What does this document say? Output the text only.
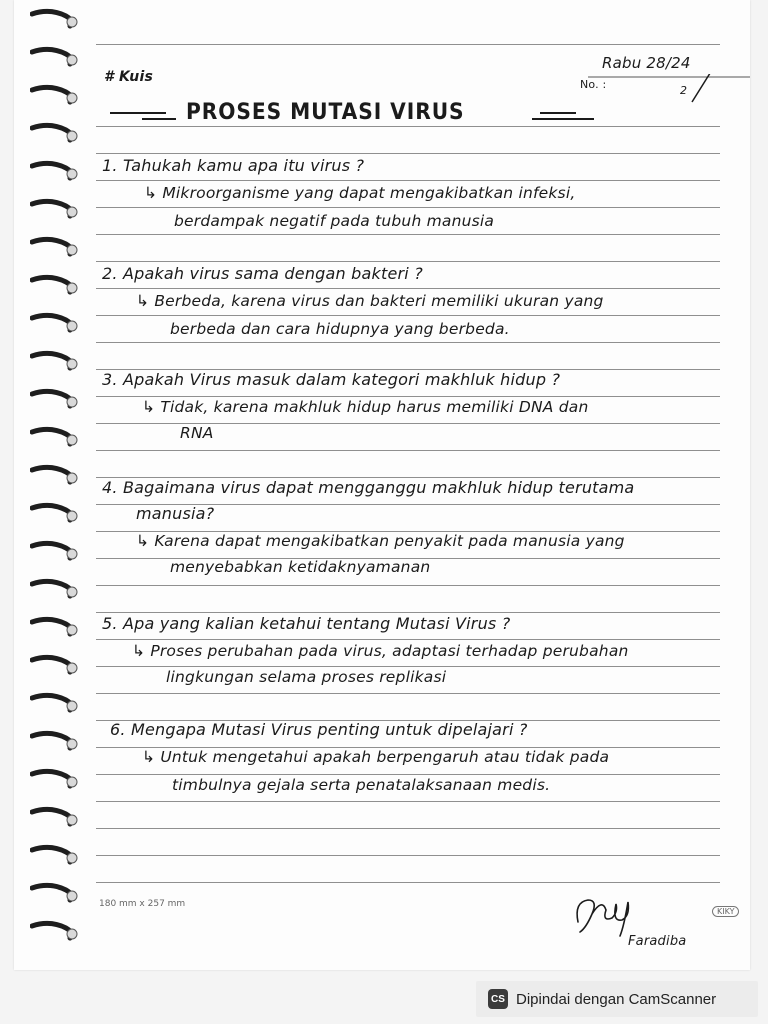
# Kuis
Rabu 28/24
No. :	2
PROSES MUTASI VIRUS
1. Tahukah kamu apa itu virus ?
↳ Mikroorganisme yang dapat mengakibatkan infeksi,
berdampak negatif pada tubuh manusia
2. Apakah virus sama dengan bakteri ?
↳ Berbeda, karena virus dan bakteri memiliki ukuran yang
berbeda dan cara hidupnya yang berbeda.
3. Apakah Virus masuk dalam kategori makhluk hidup ?
↳ Tidak, karena makhluk hidup harus memiliki DNA dan
RNA
4. Bagaimana virus dapat mengganggu makhluk hidup terutama
manusia?
↳ Karena dapat mengakibatkan penyakit pada manusia yang
menyebabkan ketidaknyamanan
5. Apa yang kalian ketahui tentang Mutasi Virus ?
↳ Proses perubahan pada virus, adaptasi terhadap perubahan
lingkungan selama proses replikasi
6. Mengapa Mutasi Virus penting untuk dipelajari ?
↳ Untuk mengetahui apakah berpengaruh atau tidak pada
timbulnya gejala serta penatalaksanaan medis.
180 mm x 257 mm
KIKY
Faradiba
CS Dipindai dengan CamScanner
